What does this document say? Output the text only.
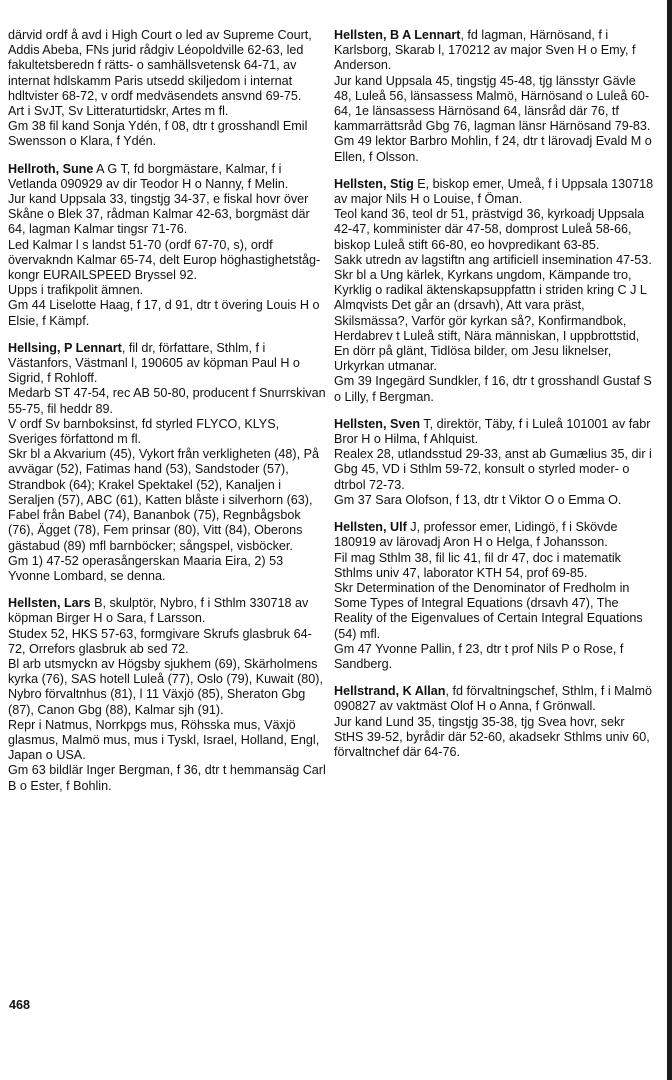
därvid ordf å avd i High Court o led av Supreme Court, Addis Abeba, FNs jurid rådgiv Léopoldville 62-63, led fakultetsberedn f rätts- o samhällsvetensk 64-71, av internat hdlskamm Paris utsedd skiljedom i internat hdltvister 68-72, v ordf medväsendets ansvnd 69-75.

Art i SvJT, Sv Litteraturtidskr, Artes m fl.

Gm 38 fil kand Sonja Ydén, f 08, dtr t grosshandl Emil Swensson o Klara, f Ydén.

Hellroth, Sune A G T, fd borgmästare, Kalmar, f i Vetlanda 090929 av dir Teodor H o Nanny, f Melin.

Jur kand Uppsala 33, tingstjg 34-37, e fiskal hovr över Skåne o Blek 37, rådman Kalmar 42-63, borgmäst där 64, lagman Kalmar tingsr 71-76.

Led Kalmar l s landst 51-70 (ordf 67-70, s), ordf övervakndn Kalmar 65-74, delt Europ höghastighetstågkongr EURAILSPEED Bryssel 92.

Upps i trafikpolit ämnen.

Gm 44 Liselotte Haag, f 17, d 91, dtr t övering Louis H o Elsie, f Kämpf.

Hellsing, P Lennart, fil dr, författare, Sthlm, f i Västanfors, Västmanl l, 190605 av köpman Paul H o Sigrid, f Rohloff.

Medarb ST 47-54, rec AB 50-80, producent f Snurrskivan 55-75, fil heddr 89.

V ordf Sv barnboksinst, fd styrled FLYCO, KLYS, Sveriges författond m fl.

Skr bl a Akvarium (45), Vykort från verkligheten (48), På avvägar (52), Fatimas hand (53), Sandstoder (57), Strandbok (64); Krakel Spektakel (52), Kanaljen i Seraljen (57), ABC (61), Katten blåste i silverhorn (63), Fabel från Babel (74), Bananbok (75), Regnbågsbok (76), Ägget (78), Fem prinsar (80), Vitt (84), Oberons gästabud (89) mfl barnböcker; sångspel, visböcker.

Gm 1) 47-52 operasångerskan Maaria Eira, 2) 53 Yvonne Lombard, se denna.

Hellsten, Lars B, skulptör, Nybro, f i Sthlm 330718 av köpman Birger H o Sara, f Larsson.

Studex 52, HKS 57-63, formgivare Skrufs glasbruk 64-72, Orrefors glasbruk ab sed 72.

Bl arb utsmyckn av Högsby sjukhem (69), Skärholmens kyrka (76), SAS hotell Luleå (77), Oslo (79), Kuwait (80), Nybro förvaltnhus (81), l 11 Växjö (85), Sheraton Gbg (87), Canon Gbg (88), Kalmar sjh (91).

Repr i Natmus, Norrkpgs mus, Röhsska mus, Växjö glasmus, Malmö mus, mus i Tyskl, Israel, Holland, Engl, Japan o USA.

Gm 63 bildlär Inger Bergman, f 36, dtr t hemmansäg Carl B o Ester, f Bohlin.

Hellsten, B A Lennart, fd lagman, Härnösand, f i Karlsborg, Skarab l, 170212 av major Sven H o Emy, f Anderson.

Jur kand Uppsala 45, tingstjg 45-48, tjg länsstyr Gävle 48, Luleå 56, länsassess Malmö, Härnösand o Luleå 60-64, 1e länsassess Härnösand 64, länsråd där 76, tf kammarrättsråd Gbg 76, lagman länsr Härnösand 79-83.

Gm 49 lektor Barbro Mohlin, f 24, dtr t lärovadj Evald M o Ellen, f Olsson.

Hellsten, Stig E, biskop emer, Umeå, f i Uppsala 130718 av major Nils H o Louise, f Öman.

Teol kand 36, teol dr 51, prästvigd 36, kyrkoadj Uppsala 42-47, komminister där 47-58, domprost Luleå 58-66, biskop Luleå stift 66-80, eo hovpredikant 63-85.

Sakk utredn av lagstiftn ang artificiell insemination 47-53.

Skr bl a Ung kärlek, Kyrkans ungdom, Kämpande tro, Kyrklig o radikal äktenskapsuppfattn i striden kring C J L Almqvists Det går an (drsavh), Att vara präst, Skilsmässa?, Varför gör kyrkan så?, Konfirmandbok, Herdabrev t Luleå stift, Nära människan, I uppbrottstid, En dörr på glänt, Tidlösa bilder, om Jesu liknelser, Urkyrkan utmanar.

Gm 39 Ingegärd Sundkler, f 16, dtr t grosshandl Gustaf S o Lilly, f Bergman.

Hellsten, Sven T, direktör, Täby, f i Luleå 101001 av fabr Bror H o Hilma, f Ahlquist.

Realex 28, utlandsstud 29-33, anst ab Gumælius 35, dir i Gbg 45, VD i Sthlm 59-72, konsult o styrled moder- o dtrbol 72-73.

Gm 37 Sara Olofson, f 13, dtr t Viktor O o Emma O.

Hellsten, Ulf J, professor emer, Lidingö, f i Skövde 180919 av lärovadj Aron H o Helga, f Johansson.

Fil mag Sthlm 38, fil lic 41, fil dr 47, doc i matematik Sthlms univ 47, laborator KTH 54, prof 69-85.

Skr Determination of the Denominator of Fredholm in Some Types of Integral Equations (drsavh 47), The Reality of the Eigenvalues of Certain Integral Equations (54) mfl.

Gm 47 Yvonne Pallin, f 23, dtr t prof Nils P o Rose, f Sandberg.

Hellstrand, K Allan, fd förvaltningschef, Sthlm, f i Malmö 090827 av vaktmäst Olof H o Anna, f Grönwall.

Jur kand Lund 35, tingstjg 35-38, tjg Svea hovr, sekr StHS 39-52, byrådir där 52-60, akadsekr Sthlms univ 60, förvaltnchef där 64-76.

468
